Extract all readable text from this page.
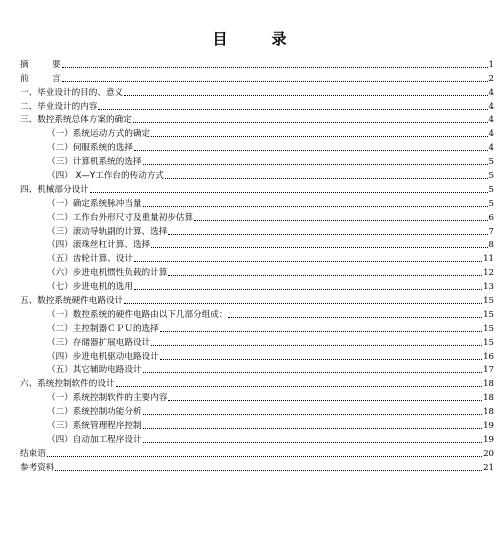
目	录
摘	要	1
前	言	2
一、毕业设计的目的、意义	4
二、毕业设计的内容	4
三、数控系统总体方案的确定	4
（一）系统运动方式的确定	4
（二）伺服系统的选择	4
（三）计算机系统的选择	5
（四） X—Y工作台的传动方式	5
四、机械部分设计	5
（一）确定系统脉冲当量	5
（二）工作台外形尺寸及重量初步估算	6
（三）滚动导轨副的计算、选择	7
（四）滚珠丝杠计算、选择	8
（五）齿轮计算、设计	11
（六）步进电机惯性负载的计算	12
（七）步进电机的选用	13
五、数控系统硬件电路设计	15
（一）数控系统的硬件电路由以下几部分组成：	15
（二）主控制器ＣＰＵ的选择	15
（三）存储器扩展电路设计	15
（四）步进电机驱动电路设计	16
（五）其它辅助电路设计	17
六、系统控制软件的设计	18
（一）系统控制软件的主要内容	18
（二）系统控制功能分析	18
（三）系统管理程序控制	19
（四）自动加工程序设计	19
结束语	20
参考资料	21
